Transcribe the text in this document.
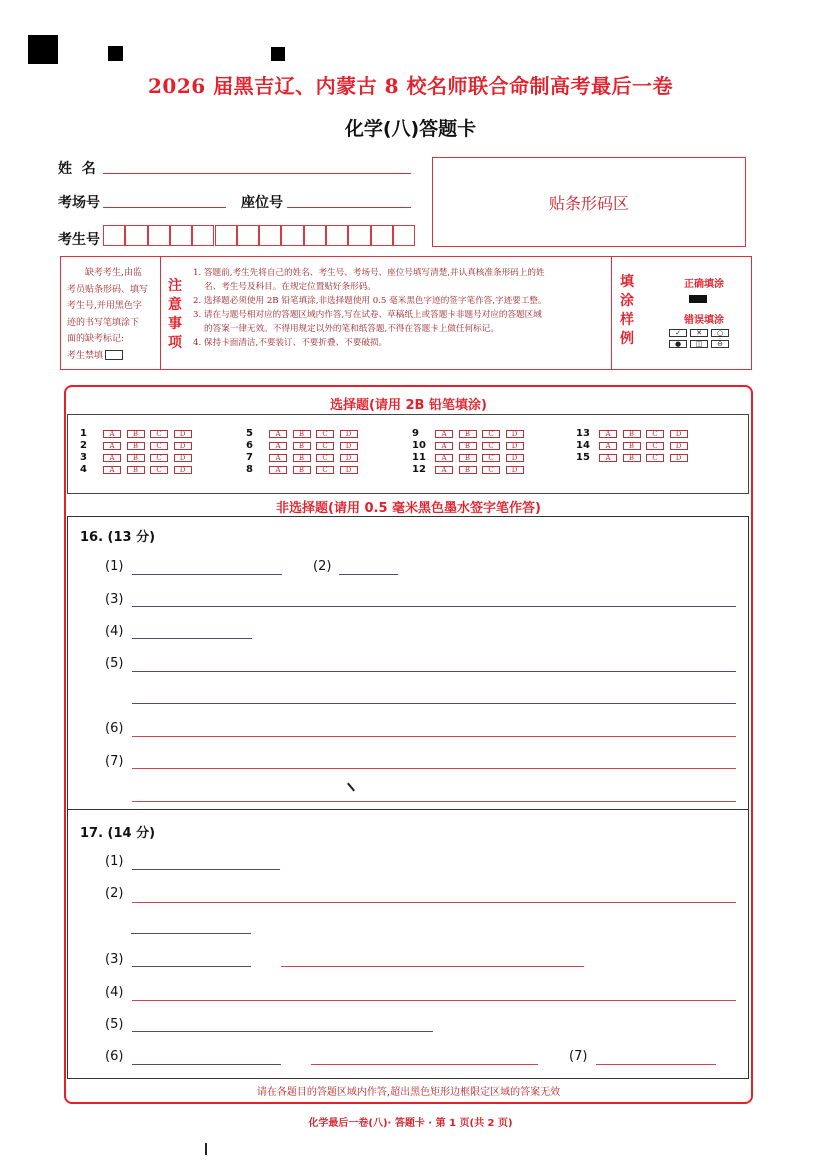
2026 届黑吉辽、内蒙古 8 校名师联合命制高考最后一卷
化学(八)答题卡
姓  名
考场号	座位号
考生号
贴条形码区
缺考考生,由监
考员贴条形码、填写
考生号,并用黑色字
迹的书写笔填涂下
面的缺考标记:
考生禁填
注
意
事
项
1. 答题前,考生先将自己的姓名、考生号、考场号、座位号填写清楚,并认真核准条形码上的姓
名、考生号及科目。在规定位置贴好条形码。
2. 选择题必须使用 2B 铅笔填涂,非选择题使用 0.5 毫米黑色字迹的签字笔作答,字迹要工整。
3. 请在与题号相对应的答题区域内作答,写在试卷、草稿纸上或答题卡非题号对应的答题区域
的答案一律无效。不得用规定以外的笔和纸答题,不得在答题卡上做任何标记。
4. 保持卡面清洁,不要装订、不要折叠、不要破损。
填
涂
样
例
正确填涂
错误填涂
✓	✕	○
●	◫	⊖
选择题(请用 2B 铅笔填涂)
1	A	B	C	D
2	A	B	C	D
3	A	B	C	D
4	A	B	C	D
5	A	B	C	D
6	A	B	C	D
7	A	B	C	D
8	A	B	C	D
9	A	B	C	D
10	A	B	C	D
11	A	B	C	D
12	A	B	C	D
13	A	B	C	D
14	A	B	C	D
15	A	B	C	D
非选择题(请用 0.5 毫米黑色墨水签字笔作答)
16. (13 分)
(1)	(2)
(3)
(4)
(5)
(6)
(7)
17. (14 分)
(1)
(2)
(3)
(4)
(5)
(6)	(7)
请在各题目的答题区域内作答,超出黑色矩形边框限定区域的答案无效
化学最后一卷(八)· 答题卡 · 第 1 页(共 2 页)
